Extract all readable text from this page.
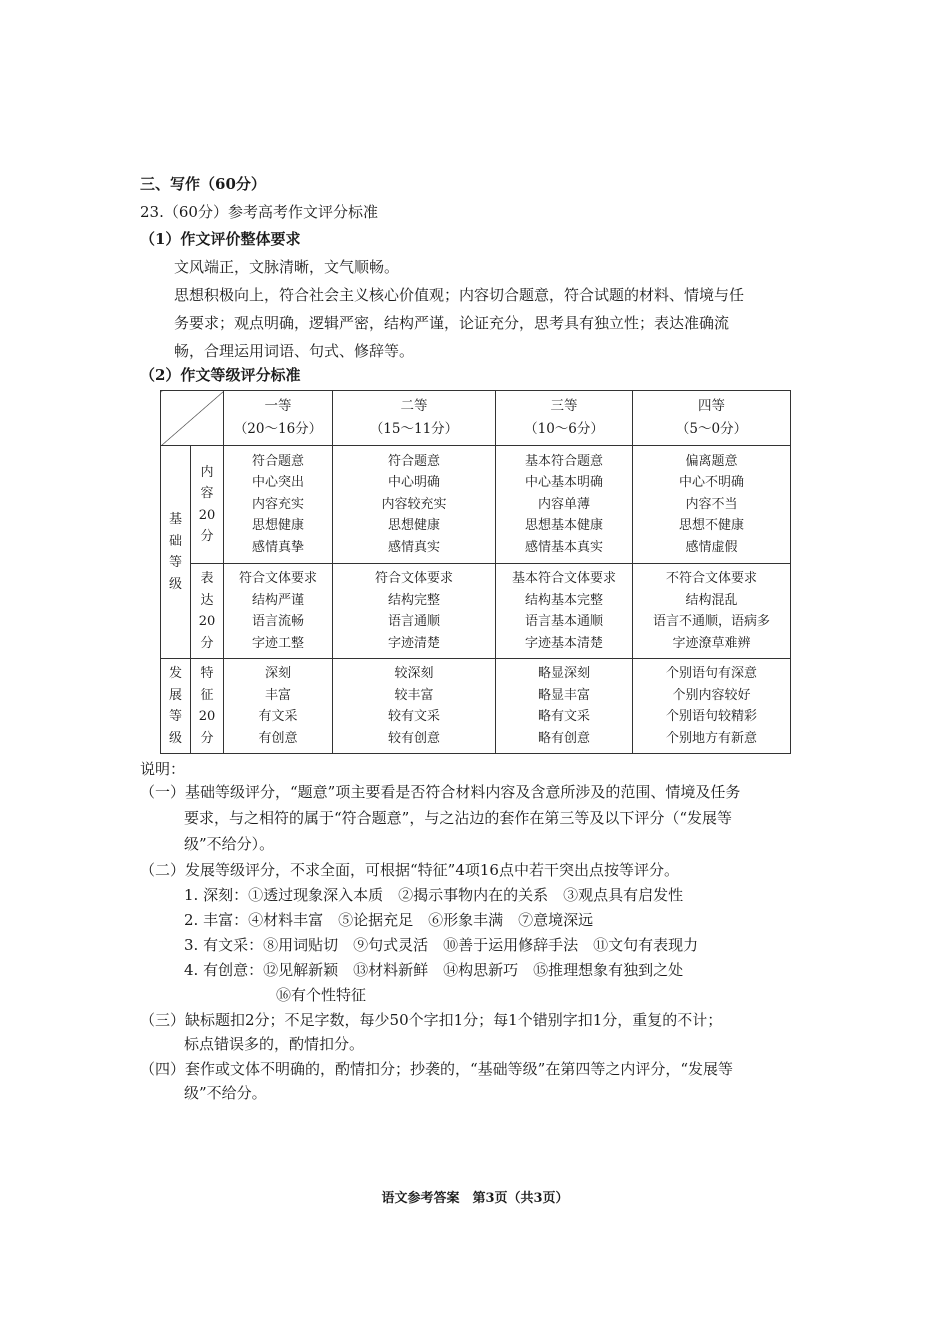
三、写作（60分）
23.（60分）参考高考作文评分标准
（1）作文评价整体要求
文风端正，文脉清晰，文气顺畅。
思想积极向上，符合社会主义核心价值观；内容切合题意，符合试题的材料、情境与任
务要求；观点明确，逻辑严密，结构严谨，论证充分，思考具有独立性；表达准确流
畅，合理运用词语、句式、修辞等。
（2）作文等级评分标准

		一等
（20～16分）	二等
（15～11分）	三等
（10～6分）	四等
（5～0分）

基
础
等
级	内
容
20
分	符合题意
中心突出
内容充实
思想健康
感情真挚	符合题意
中心明确
内容较充实
思想健康
感情真实	基本符合题意
中心基本明确
内容单薄
思想基本健康
感情基本真实	偏离题意
中心不明确
内容不当
思想不健康
感情虚假

	表
达
20
分	符合文体要求
结构严谨
语言流畅
字迹工整	符合文体要求
结构完整
语言通顺
字迹清楚	基本符合文体要求
结构基本完整
语言基本通顺
字迹基本清楚	不符合文体要求
结构混乱
语言不通顺，语病多
字迹潦草难辨

发
展
等
级	特
征
20
分	深刻
丰富
有文采
有创意	较深刻
较丰富
较有文采
较有创意	略显深刻
略显丰富
略有文采
略有创意	个别语句有深意
个别内容较好
个别语句较精彩
个别地方有新意
说明：
（一）基础等级评分，“题意”项主要看是否符合材料内容及含意所涉及的范围、情境及任务
要求，与之相符的属于“符合题意”，与之沾边的套作在第三等及以下评分（“发展等
级”不给分）。
（二）发展等级评分，不求全面，可根据“特征”4项16点中若干突出点按等评分。
1. 深刻：①透过现象深入本质　②揭示事物内在的关系　③观点具有启发性
2. 丰富：④材料丰富　⑤论据充足　⑥形象丰满　⑦意境深远
3. 有文采：⑧用词贴切　⑨句式灵活　⑩善于运用修辞手法　⑪文句有表现力
4. 有创意：⑫见解新颖　⑬材料新鲜　⑭构思新巧　⑮推理想象有独到之处
⑯有个性特征
（三）缺标题扣2分；不足字数，每少50个字扣1分；每1个错别字扣1分，重复的不计；
标点错误多的，酌情扣分。
（四）套作或文体不明确的，酌情扣分；抄袭的，“基础等级”在第四等之内评分，“发展等
级”不给分。
语文参考答案　第3页（共3页）
